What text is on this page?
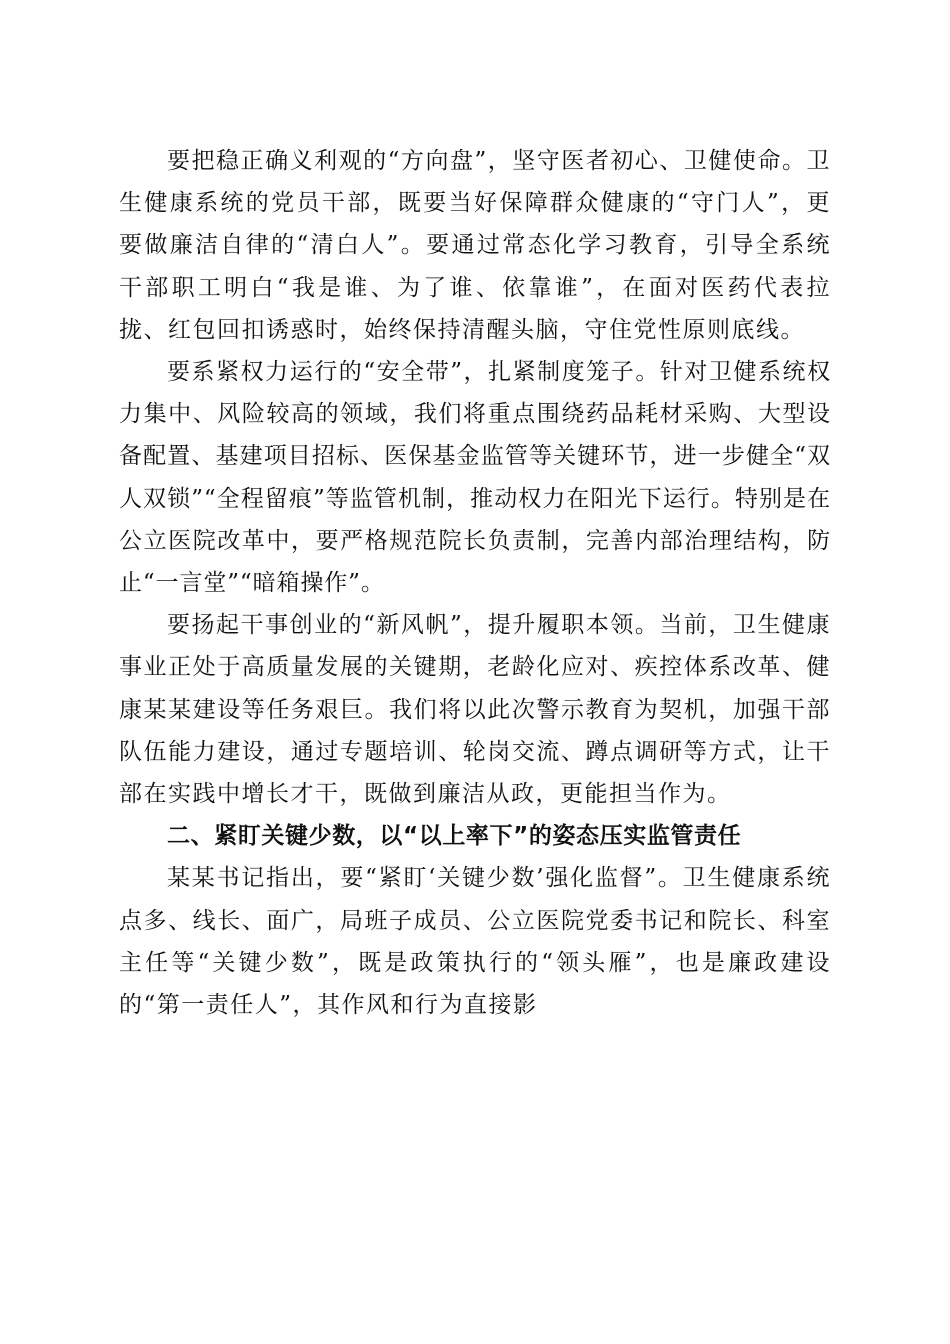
要把稳正确义利观的“方向盘”，坚守医者初心、卫健使命。卫生健康系统的党员干部，既要当好保障群众健康的“守门人”，更要做廉洁自律的“清白人”。要通过常态化学习教育，引导全系统干部职工明白“我是谁、为了谁、依靠谁”，在面对医药代表拉拢、红包回扣诱惑时，始终保持清醒头脑，守住党性原则底线。

要系紧权力运行的“安全带”，扎紧制度笼子。针对卫健系统权力集中、风险较高的领域，我们将重点围绕药品耗材采购、大型设备配置、基建项目招标、医保基金监管等关键环节，进一步健全“双人双锁”“全程留痕”等监管机制，推动权力在阳光下运行。特别是在公立医院改革中，要严格规范院长负责制，完善内部治理结构，防止“一言堂”“暗箱操作”。

要扬起干事创业的“新风帆”，提升履职本领。当前，卫生健康事业正处于高质量发展的关键期，老龄化应对、疾控体系改革、健康某某建设等任务艰巨。我们将以此次警示教育为契机，加强干部队伍能力建设，通过专题培训、轮岗交流、蹲点调研等方式，让干部在实践中增长才干，既做到廉洁从政，更能担当作为。

二、紧盯关键少数，以“以上率下”的姿态压实监管责任

某某书记指出，要“紧盯‘关键少数’强化监督”。卫生健康系统点多、线长、面广，局班子成员、公立医院党委书记和院长、科室主任等“关键少数”，既是政策执行的“领头雁”，也是廉政建设的“第一责任人”，其作风和行为直接影
